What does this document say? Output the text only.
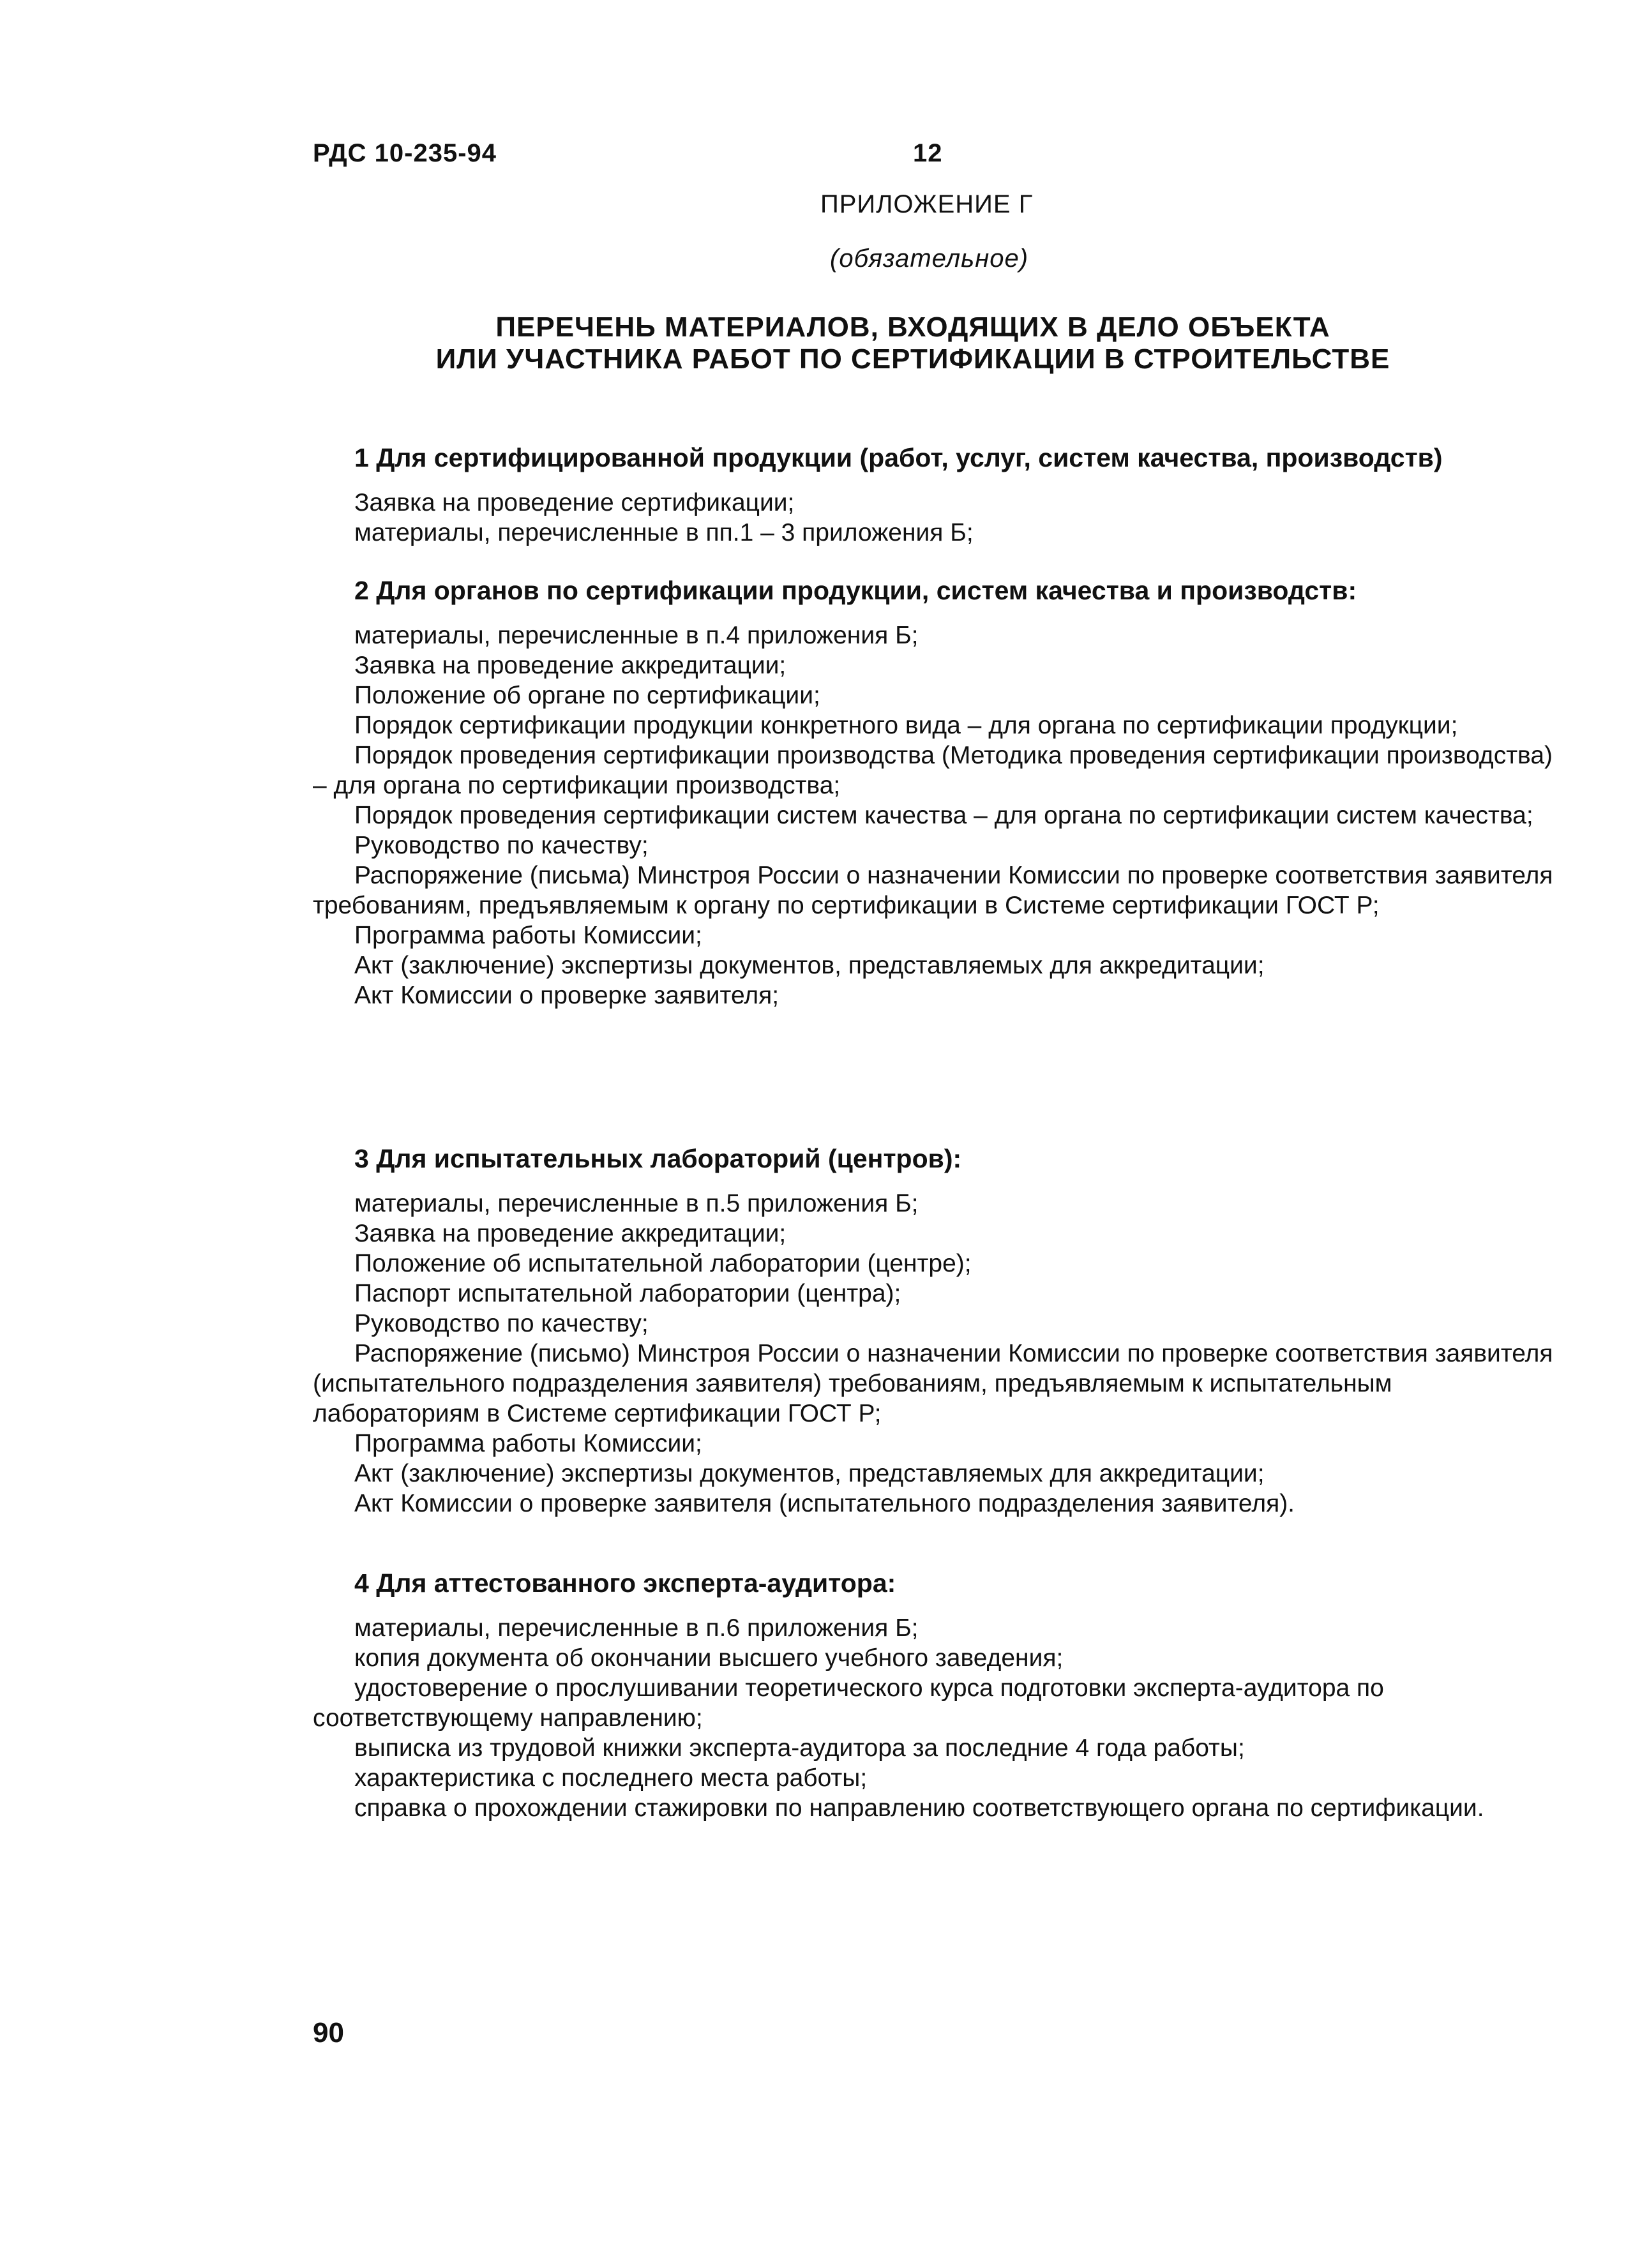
РДС 10-235-94	12
ПРИЛОЖЕНИЕ Г
(обязательное)
ПЕРЕЧЕНЬ МАТЕРИАЛОВ, ВХОДЯЩИХ В ДЕЛО ОБЪЕКТА
ИЛИ УЧАСТНИКА РАБОТ ПО СЕРТИФИКАЦИИ В СТРОИТЕЛЬСТВЕ
1 Для сертифицированной продукции (работ, услуг, систем качества, производств)
Заявка на проведение сертификации;
материалы, перечисленные в пп.1 – 3 приложения Б;
2 Для органов по сертификации продукции, систем качества и производств:
материалы, перечисленные в п.4 приложения Б;
Заявка на проведение аккредитации;
Положение об органе по сертификации;
Порядок сертификации продукции конкретного вида – для органа по сертификации продукции;
Порядок проведения сертификации производства (Методика проведения сертификации производства) – для органа по сертификации производства;
Порядок проведения сертификации систем качества – для органа по сертификации систем качества;
Руководство по качеству;
Распоряжение (письма) Минстроя России о назначении Комиссии по проверке соответствия заявителя требованиям, предъявляемым к органу по сертификации в Системе сертификации ГОСТ Р;
Программа работы Комиссии;
Акт (заключение) экспертизы документов, представляемых для аккредитации;
Акт Комиссии о проверке заявителя;
3 Для испытательных лабораторий (центров):
материалы, перечисленные в п.5 приложения Б;
Заявка на проведение аккредитации;
Положение об испытательной лаборатории (центре);
Паспорт испытательной лаборатории (центра);
Руководство по качеству;
Распоряжение (письмо) Минстроя России о назначении Комиссии по проверке соответствия заявителя (испытательного подразделения заявителя) требованиям, предъявляемым к испытательным лабораториям в Системе сертификации ГОСТ Р;
Программа работы Комиссии;
Акт (заключение) экспертизы документов, представляемых для аккредитации;
Акт Комиссии о проверке заявителя (испытательного подразделения заявителя).
4 Для аттестованного эксперта-аудитора:
материалы, перечисленные в п.6 приложения Б;
копия документа об окончании высшего учебного заведения;
удостоверение о прослушивании теоретического курса подготовки эксперта-аудитора по соответствующему направлению;
выписка из трудовой книжки эксперта-аудитора за последние 4 года работы;
характеристика с последнего места работы;
справка о прохождении стажировки по направлению соответствующего органа по сертификации.
90
